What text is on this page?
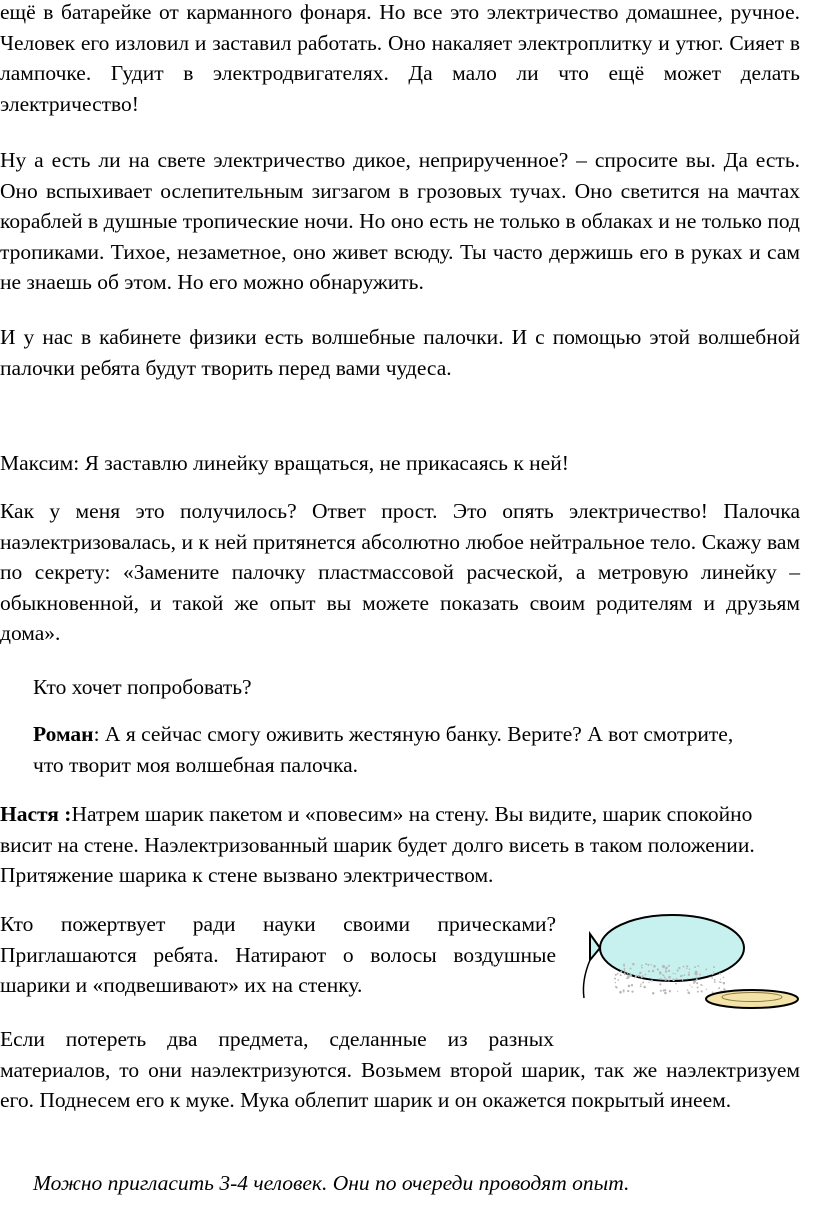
ещё в батарейке от карманного фонаря. Но все это электричество домашнее, ручное. Человек его изловил и заставил работать. Оно накаляет электроплитку и утюг. Сияет в лампочке. Гудит в электродвигателях. Да мало ли что ещё может делать электричество!

Ну а есть ли на свете электричество дикое, неприрученное? – спросите вы. Да есть. Оно вспыхивает ослепительным зигзагом в грозовых тучах. Оно светится на мачтах кораблей в душные тропические ночи. Но оно есть не только в облаках и не только под тропиками. Тихое, незаметное, оно живет всюду. Ты часто держишь его в руках и сам не знаешь об этом. Но его можно обнаружить.

И у нас в кабинете физики есть волшебные палочки. И с помощью этой волшебной палочки ребята будут творить перед вами чудеса.

Максим: Я заставлю линейку вращаться, не прикасаясь к ней!

Как у меня это получилось? Ответ прост. Это опять электричество! Палочка наэлектризовалась, и к ней притянется абсолютно любое нейтральное тело. Скажу вам по секрету: «Замените палочку пластмассовой расческой, а метровую линейку – обыкновенной, и такой же опыт вы можете показать своим родителям и друзьям дома».

Кто хочет попробовать?

Роман: А я сейчас смогу оживить жестяную банку. Верите? А вот смотрите, что творит моя волшебная палочка.

Настя :Натрем шарик пакетом и «повесим» на стену. Вы видите, шарик спокойно висит на стене. Наэлектризованный шарик будет долго висеть в таком положении. Притяжение шарика к стене вызвано электричеством.

Кто пожертвует ради науки своими прическами? Приглашаются ребята. Натирают о волосы воздушные шарики и «подвешивают» их на стенку.

Если потереть два предмета, сделанные из разных материалов, то они наэлектризуются. Возьмем второй шарик, так же наэлектризуем его. Поднесем его к муке. Мука облепит шарик и он окажется покрытый инеем.

Можно пригласить 3-4 человек. Они по очереди проводят опыт.
